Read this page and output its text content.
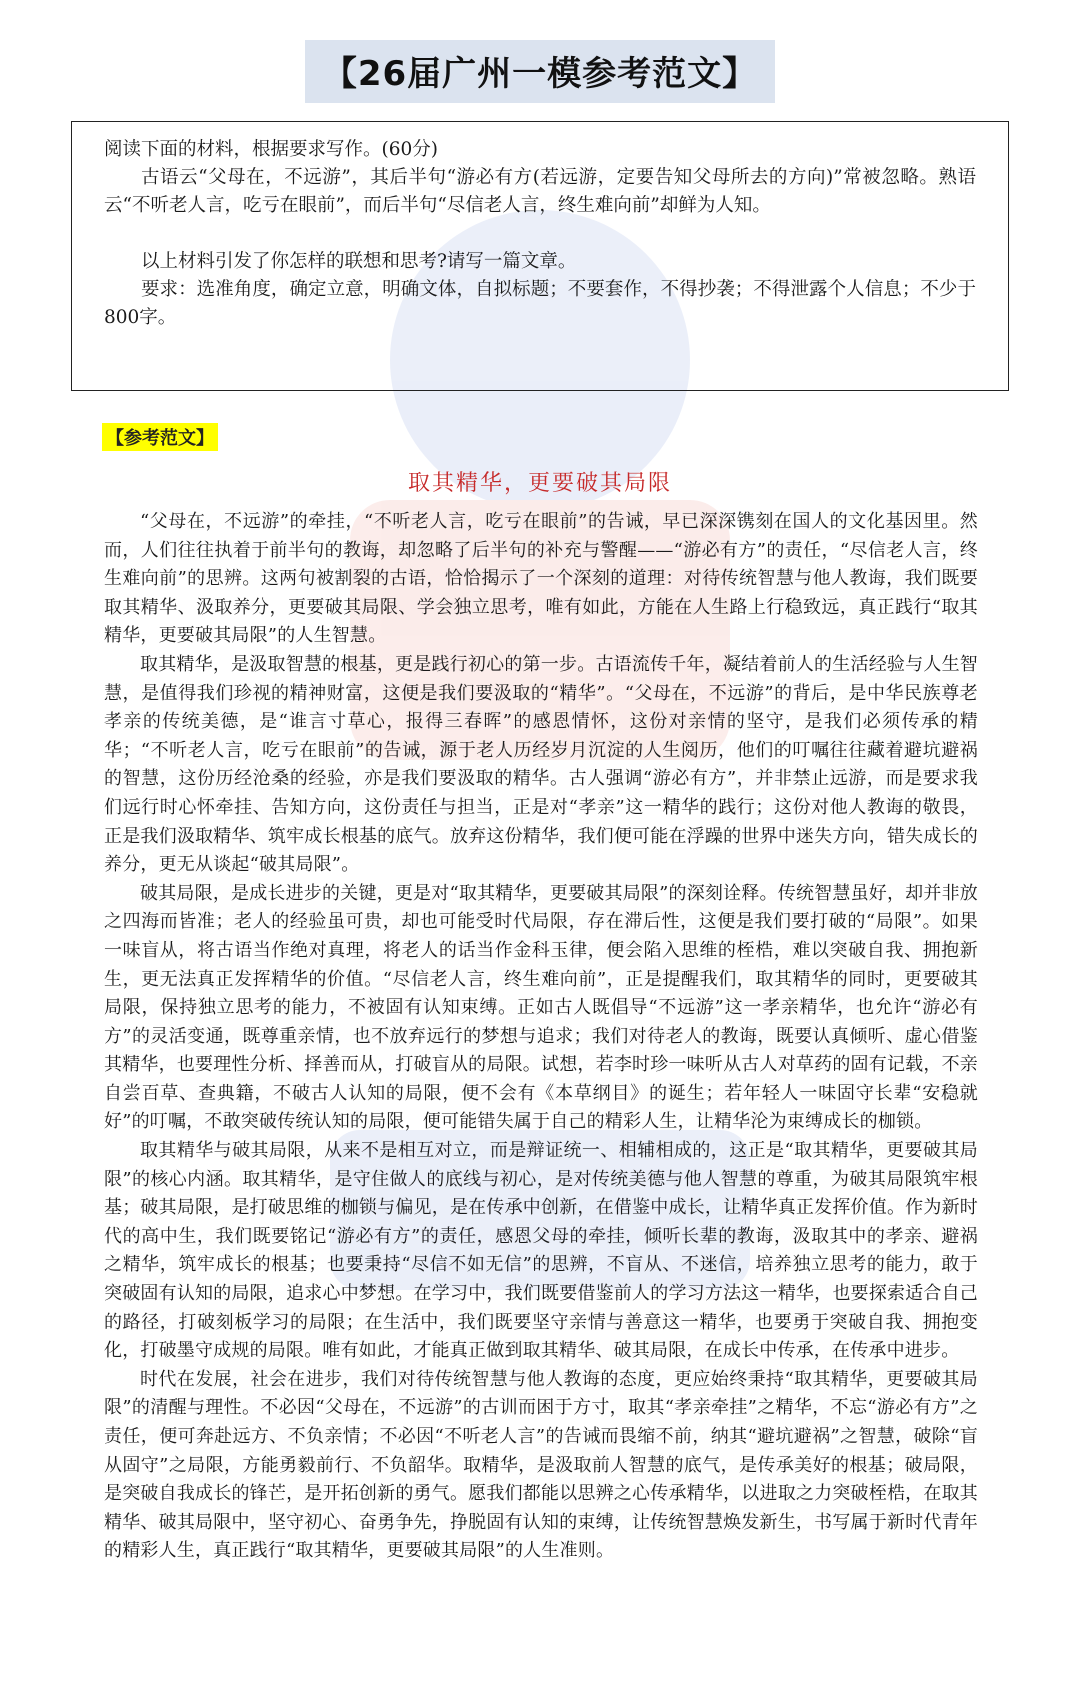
【26届广州一模参考范文】

阅读下面的材料，根据要求写作。(60分)

古语云“父母在，不远游”，其后半句“游必有方(若远游，定要告知父母所去的方向)”常被忽略。熟语云“不听老人言，吃亏在眼前”，而后半句“尽信老人言，终生难向前”却鲜为人知。

以上材料引发了你怎样的联想和思考?请写一篇文章。

要求：选准角度，确定立意，明确文体，自拟标题；不要套作，不得抄袭；不得泄露个人信息；不少于800字。

【参考范文】
取其精华，更要破其局限

“父母在，不远游”的牵挂，“不听老人言，吃亏在眼前”的告诫，早已深深镌刻在国人的文化基因里。然而，人们往往执着于前半句的教诲，却忽略了后半句的补充与警醒——“游必有方”的责任，“尽信老人言，终生难向前”的思辨。这两句被割裂的古语，恰恰揭示了一个深刻的道理：对待传统智慧与他人教诲，我们既要取其精华、汲取养分，更要破其局限、学会独立思考，唯有如此，方能在人生路上行稳致远，真正践行“取其精华，更要破其局限”的人生智慧。

取其精华，是汲取智慧的根基，更是践行初心的第一步。古语流传千年，凝结着前人的生活经验与人生智慧，是值得我们珍视的精神财富，这便是我们要汲取的“精华”。“父母在，不远游”的背后，是中华民族尊老孝亲的传统美德，是“谁言寸草心，报得三春晖”的感恩情怀，这份对亲情的坚守，是我们必须传承的精华；“不听老人言，吃亏在眼前”的告诫，源于老人历经岁月沉淀的人生阅历，他们的叮嘱往往藏着避坑避祸的智慧，这份历经沧桑的经验，亦是我们要汲取的精华。古人强调“游必有方”，并非禁止远游，而是要求我们远行时心怀牵挂、告知方向，这份责任与担当，正是对“孝亲”这一精华的践行；这份对他人教诲的敬畏，正是我们汲取精华、筑牢成长根基的底气。放弃这份精华，我们便可能在浮躁的世界中迷失方向，错失成长的养分，更无从谈起“破其局限”。

破其局限，是成长进步的关键，更是对“取其精华，更要破其局限”的深刻诠释。传统智慧虽好，却并非放之四海而皆准；老人的经验虽可贵，却也可能受时代局限，存在滞后性，这便是我们要打破的“局限”。如果一味盲从，将古语当作绝对真理，将老人的话当作金科玉律，便会陷入思维的桎梏，难以突破自我、拥抱新生，更无法真正发挥精华的价值。“尽信老人言，终生难向前”，正是提醒我们，取其精华的同时，更要破其局限，保持独立思考的能力，不被固有认知束缚。正如古人既倡导“不远游”这一孝亲精华，也允许“游必有方”的灵活变通，既尊重亲情，也不放弃远行的梦想与追求；我们对待老人的教诲，既要认真倾听、虚心借鉴其精华，也要理性分析、择善而从，打破盲从的局限。试想，若李时珍一味听从古人对草药的固有记载，不亲自尝百草、查典籍，不破古人认知的局限，便不会有《本草纲目》的诞生；若年轻人一味固守长辈“安稳就好”的叮嘱，不敢突破传统认知的局限，便可能错失属于自己的精彩人生，让精华沦为束缚成长的枷锁。

取其精华与破其局限，从来不是相互对立，而是辩证统一、相辅相成的，这正是“取其精华，更要破其局限”的核心内涵。取其精华，是守住做人的底线与初心，是对传统美德与他人智慧的尊重，为破其局限筑牢根基；破其局限，是打破思维的枷锁与偏见，是在传承中创新，在借鉴中成长，让精华真正发挥价值。作为新时代的高中生，我们既要铭记“游必有方”的责任，感恩父母的牵挂，倾听长辈的教诲，汲取其中的孝亲、避祸之精华，筑牢成长的根基；也要秉持“尽信不如无信”的思辨，不盲从、不迷信，培养独立思考的能力，敢于突破固有认知的局限，追求心中梦想。在学习中，我们既要借鉴前人的学习方法这一精华，也要探索适合自己的路径，打破刻板学习的局限；在生活中，我们既要坚守亲情与善意这一精华，也要勇于突破自我、拥抱变化，打破墨守成规的局限。唯有如此，才能真正做到取其精华、破其局限，在成长中传承，在传承中进步。

时代在发展，社会在进步，我们对待传统智慧与他人教诲的态度，更应始终秉持“取其精华，更要破其局限”的清醒与理性。不必因“父母在，不远游”的古训而困于方寸，取其“孝亲牵挂”之精华，不忘“游必有方”之责任，便可奔赴远方、不负亲情；不必因“不听老人言”的告诫而畏缩不前，纳其“避坑避祸”之智慧，破除“盲从固守”之局限，方能勇毅前行、不负韶华。取精华，是汲取前人智慧的底气，是传承美好的根基；破局限，是突破自我成长的锋芒，是开拓创新的勇气。愿我们都能以思辨之心传承精华，以进取之力突破桎梏，在取其精华、破其局限中，坚守初心、奋勇争先，挣脱固有认知的束缚，让传统智慧焕发新生，书写属于新时代青年的精彩人生，真正践行“取其精华，更要破其局限”的人生准则。
